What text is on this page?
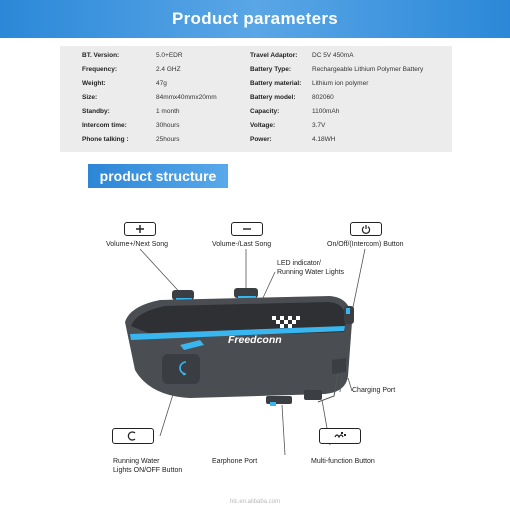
Product parameters
BT. Version:	5.0+EDR
Frequency:	2.4 GHZ
Weight:	47g
Size:	84mmx40mmx20mm
Standby:	1 month
Intercom time:	30hours
Phone talking :	25hours
Travel Adaptor: DC 5V 450mA
Battery Type:	Rechargeable Lithium Polymer Battery
Battery material: Lithium ion polymer
Battery model:	802060
Capacity:	1100mAh
Voltage:	3.7V
Power:	4.18WH
product structure
Volume+/Next Song	Volume-/Last Song	On/Off/(Intercom) Button
LED indicator/
Running Water Lights
Freedconn
Charging Port
Running Water
Lights ON/OFF Button
Earphone Port	Multi-function Button
hlc.en.alibaba.com
